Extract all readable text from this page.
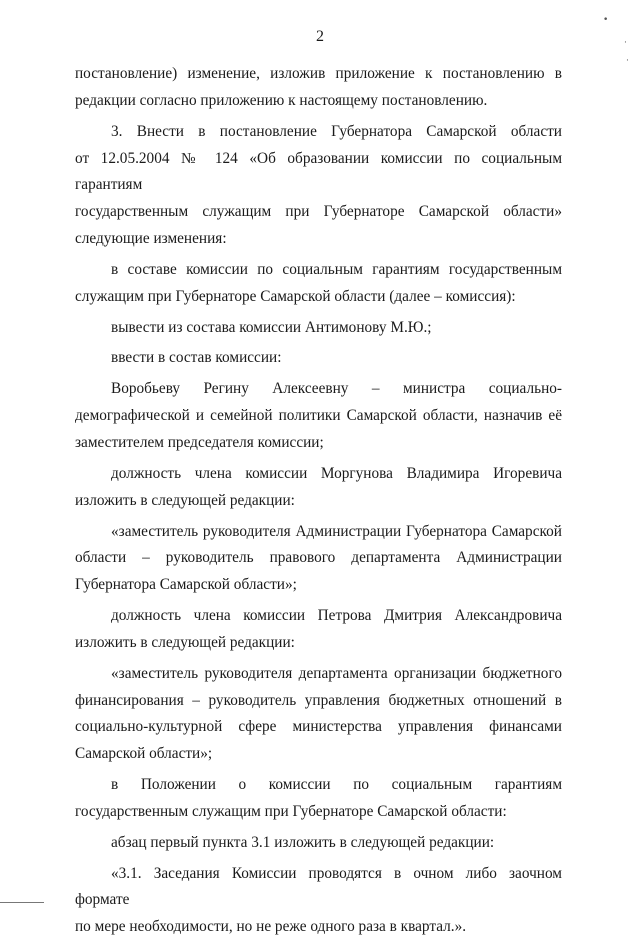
2
•
·
·

постановление) изменение, изложив приложение к постановлению в

редакции согласно приложению к настоящему постановлению.

3. Внести в постановление Губернатора Самарской области

от 12.05.2004 № 124 «Об образовании комиссии по социальным гарантиям

государственным служащим при Губернаторе Самарской области»

следующие изменения:

в составе комиссии по социальным гарантиям государственным

служащим при Губернаторе Самарской области (далее – комиссия):

вывести из состава комиссии Антимонову М.Ю.;

ввести в состав комиссии:

Воробьеву Регину Алексеевну – министра социально-

демографической и семейной политики Самарской области, назначив её

заместителем председателя комиссии;

должность члена комиссии Моргунова Владимира Игоревича

изложить в следующей редакции:

«заместитель руководителя Администрации Губернатора Самарской

области – руководитель правового департамента Администрации

Губернатора Самарской области»;

должность члена комиссии Петрова Дмитрия Александровича

изложить в следующей редакции:

«заместитель руководителя департамента организации бюджетного

финансирования – руководитель управления бюджетных отношений в

социально-культурной сфере министерства управления финансами

Самарской области»;

в Положении о комиссии по социальным гарантиям

государственным служащим при Губернаторе Самарской области:

абзац первый пункта 3.1 изложить в следующей редакции:

«3.1. Заседания Комиссии проводятся в очном либо заочном формате

по мере необходимости, но не реже одного раза в квартал.».
